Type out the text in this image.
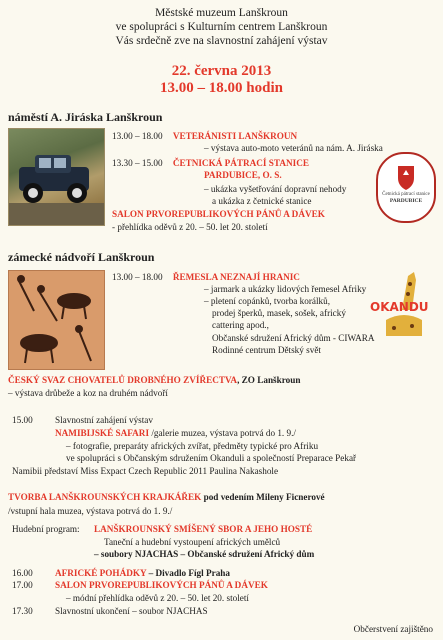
Městské muzeum Lanškroun
ve spolupráci s Kulturním centrem Lanškroun
Vás srdečně zve na slavnostní zahájení výstav
22. června 2013
13.00 – 18.00 hodin
náměstí A. Jiráska Lanškroun
13.00 – 18.00 VETERÁNISTI LANŠKROUN
– výstava auto-moto veteránů na nám. A. Jiráska
13.30 – 15.00 ČETNICKÁ PÁTRACÍ STANICE
PARDUBICE, O. S.
– ukázka vyšetřování dopravní nehody
a ukázka z četnické stanice
SALON PRVOREPUBLIKOVÝCH PÁNŮ A DÁVEK
- přehlídka oděvů z 20. – 50. let 20. století
Četnická pátrací stanice
PARDUBICE
zámecké nádvoří Lanškroun
13.00 – 18.00 ŘEMESLA NEZNAJÍ HRANIC
– jarmark a ukázky lidových řemesel Afriky
– pletení copánků, tvorba korálků,
prodej šperků, masek, sošek, africký
cattering apod.,
Občanské sdružení Africký dům - CIWARA
Rodinné centrum Dětský svět
OKANDU
ČESKÝ SVAZ CHOVATELŮ DROBNÉHO ZVÍŘECTVA, ZO Lanškroun
– výstava drůbeže a koz na druhém nádvoří
15.00 Slavnostní zahájení výstav
NAMIBIJSKÉ SAFARI /galerie muzea, výstava potrvá do 1. 9./
– fotografie, preparáty afrických zvířat, předměty typické pro Afriku
ve spolupráci s Občanským sdružením Okanduli a společností Preparace Pekař
Namibii představí Miss Expact Czech Republic 2011 Paulina Nakashole
TVORBA LANŠKROUNSKÝCH KRAJKÁŘEK pod vedením Mileny Ficnerové
/vstupní hala muzea, výstava potrvá do 1. 9./
Hudební program: LANŠKROUNSKÝ SMÍŠENÝ SBOR A JEHO HOSTÉ
Taneční a hudební vystoupení afrických umělců
– soubory NJACHAS – Občanské sdružení Africký dům
16.00 AFRICKÉ POHÁDKY – Divadlo Fígl Praha
17.00 SALON PRVOREPUBLIKOVÝCH PÁNŮ A DÁVEK
– módní přehlídka oděvů z 20. – 50. let 20. století
17.30 Slavnostní ukončení – soubor NJACHAS
Občerstvení zajištěno
